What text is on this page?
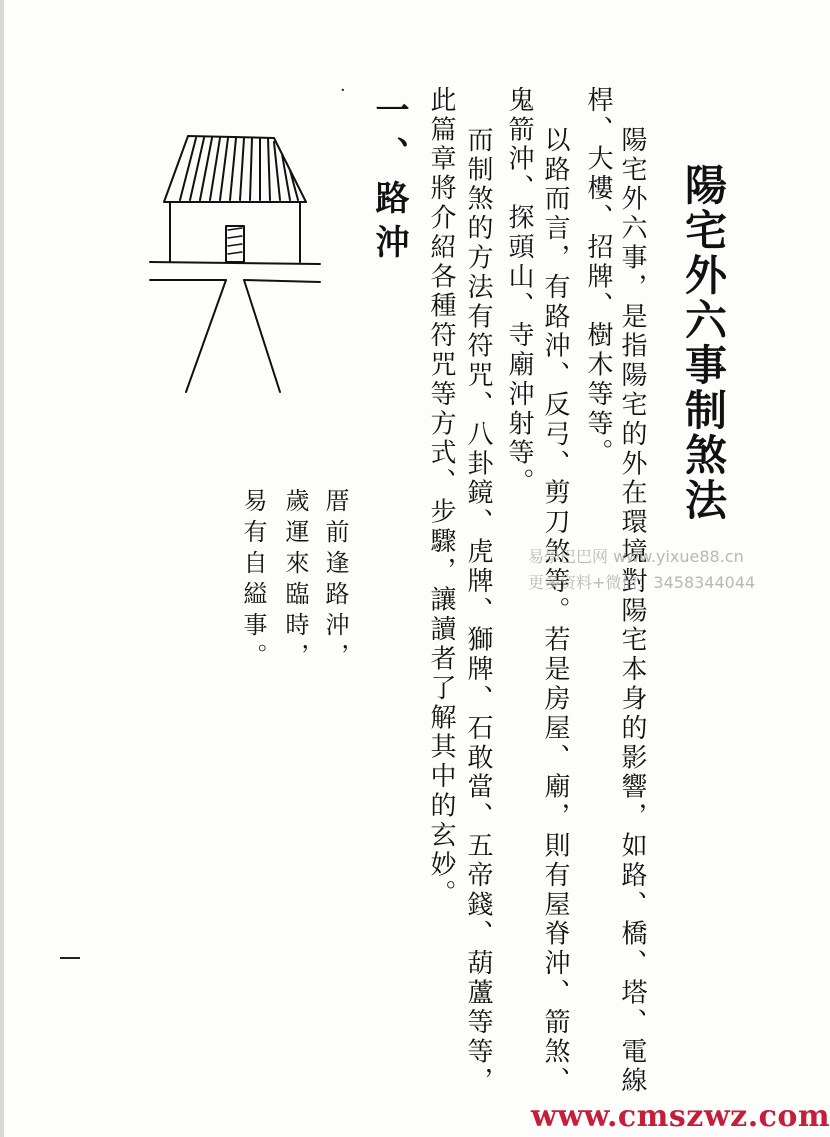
陽宅外六事制煞法
陽宅外六事，是指陽宅的外在環境對陽宅本身的影響，如路、橋、塔、電線
桿、大樓、招牌、樹木等等。
以路而言，有路沖、反弓、剪刀煞等。若是房屋、廟，則有屋脊沖、箭煞、
鬼箭沖、探頭山、寺廟沖射等。
而制煞的方法有符咒、八卦鏡、虎牌、獅牌、石敢當、五帝錢、葫蘆等等，
此篇章將介紹各種符咒等方式、步驟，讓讀者了解其中的玄妙。
一、路沖
·
厝前逢路沖，
歲運來臨時，
易有自縊事。	易學巴巴网 www.yixue88.cn
更多资料+微信：3458344044
www.cmszwz.com
